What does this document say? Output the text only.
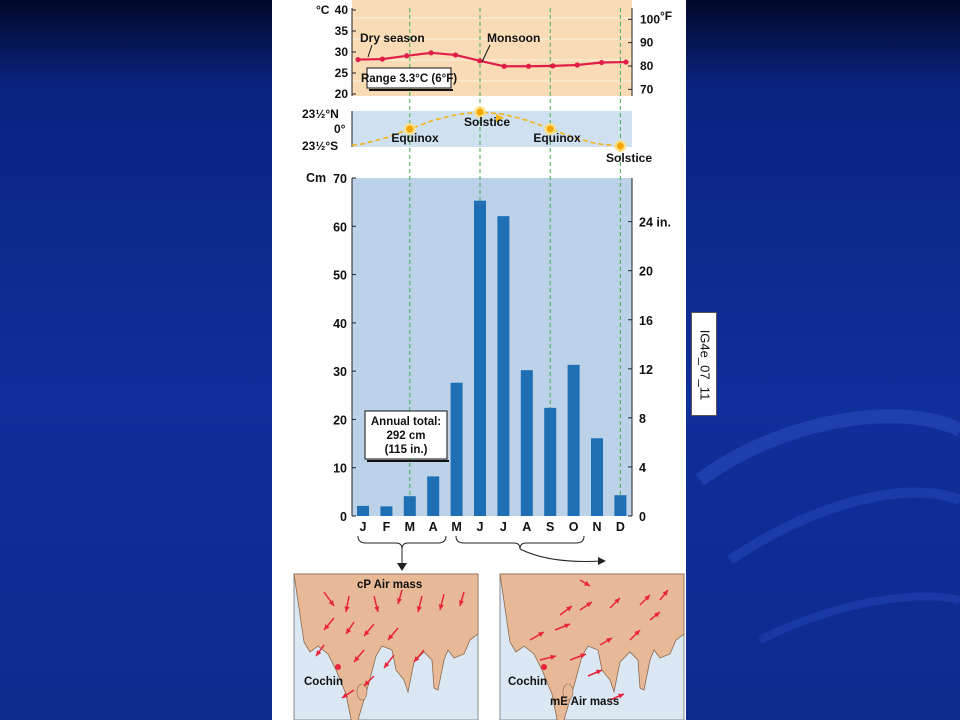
40
35
30
25
20
°C
100
90
80
70
°F
Dry season	Monsoon
Range 3.3°C (6°F)
23½°N
0°
23½°S
Equinox
Solstice
Equinox
Solstice
70
60
50
40
30
20
10
0
Cm
24 in.
20
16
12
8
4
0
J F M A M J J A S O N D
Annual total:
292 cm
(115 in.)
cP Air mass
Cochin	Cochin
mE Air mass
IG4e_07_11
